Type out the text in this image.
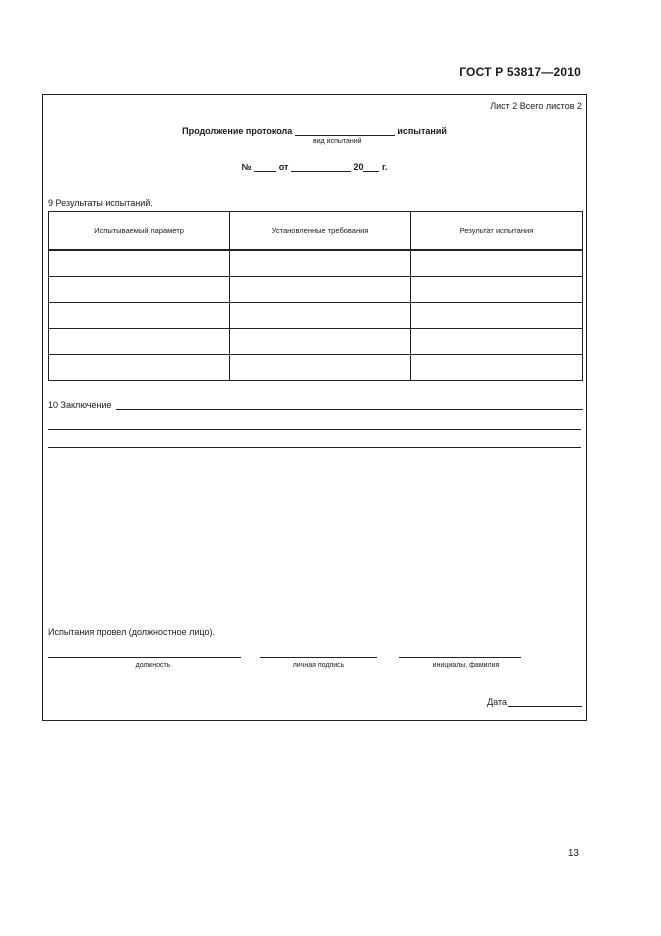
ГОСТ Р 53817—2010
Лист 2 Всего листов 2
Продолжение протокола	испытаний
вид испытаний
№	от	20 г.
9 Результаты испытаний.
Испытываемый параметр	Установленные требования	Результат испытания

10 Заключение
Испытания провел (должностное лицо).
должность	личная подпись	инициалы, фамилия
Дата
13
